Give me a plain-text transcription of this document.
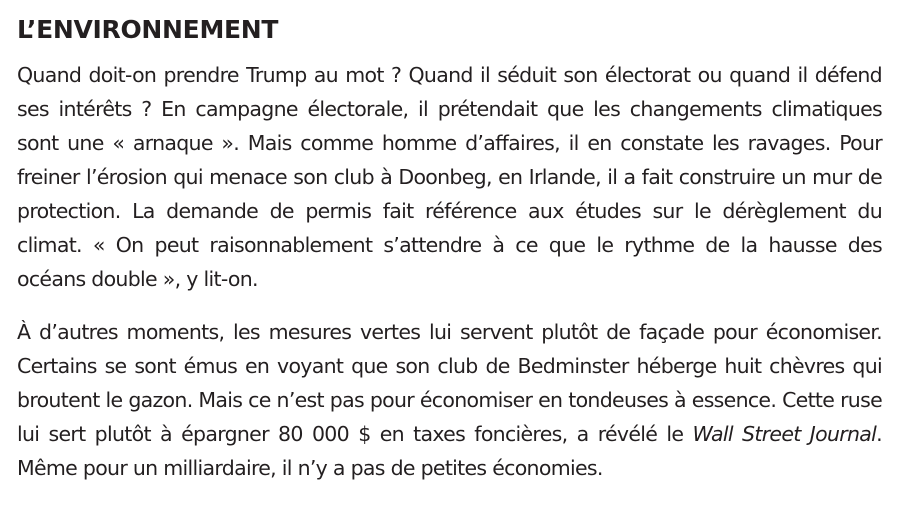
L’ENVIRONNEMENT

Quand doit-on prendre Trump au mot ? Quand il séduit son électorat ou quand il défend ses intérêts ? En campagne électorale, il prétendait que les changements climatiques sont une « arnaque ». Mais comme homme d’affaires, il en constate les ravages. Pour freiner l’érosion qui menace son club à Doonbeg, en Irlande, il a fait construire un mur de protection. La demande de permis fait référence aux études sur le dérèglement du climat. « On peut raisonnablement s’attendre à ce que le rythme de la hausse des océans double », y lit-on.

À d’autres moments, les mesures vertes lui servent plutôt de façade pour économiser. Certains se sont émus en voyant que son club de Bedminster héberge huit chèvres qui broutent le gazon. Mais ce n’est pas pour économiser en tondeuses à essence. Cette ruse lui sert plutôt à épargner 80 000 $ en taxes foncières, a révélé le Wall Street Journal. Même pour un milliardaire, il n’y a pas de petites économies.
